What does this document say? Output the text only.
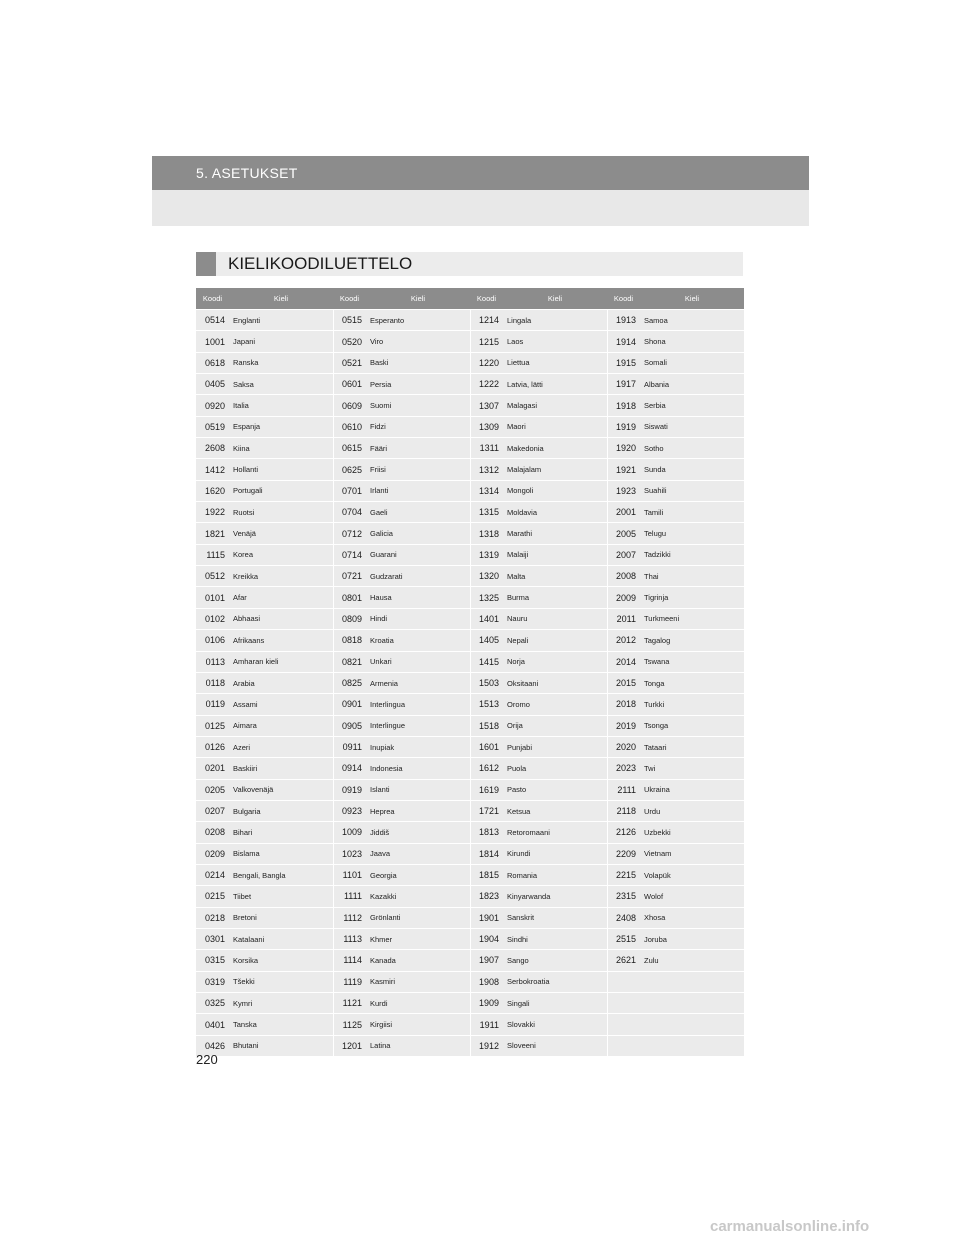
5. ASETUKSET
KIELIKOODILUETTELO
Koodi	Kieli	Koodi	Kieli	Koodi	Kieli	Koodi	Kieli
0514	Englanti	0515	Esperanto	1214	Lingala	1913	Samoa
1001	Japani	0520	Viro	1215	Laos	1914	Shona
0618	Ranska	0521	Baski	1220	Liettua	1915	Somali
0405	Saksa	0601	Persia	1222	Latvia, lätti	1917	Albania
0920	Italia	0609	Suomi	1307	Malagasi	1918	Serbia
0519	Espanja	0610	Fidzi	1309	Maori	1919	Siswati
2608	Kiina	0615	Fääri	1311	Makedonia	1920	Sotho
1412	Hollanti	0625	Friisi	1312	Malajalam	1921	Sunda
1620	Portugali	0701	Irlanti	1314	Mongoli	1923	Suahili
1922	Ruotsi	0704	Gaeli	1315	Moldavia	2001	Tamili
1821	Venäjä	0712	Galicia	1318	Marathi	2005	Telugu
1115	Korea	0714	Guarani	1319	Malaiji	2007	Tadzikki
0512	Kreikka	0721	Gudzarati	1320	Malta	2008	Thai
0101	Afar	0801	Hausa	1325	Burma	2009	Tigrinja
0102	Abhaasi	0809	Hindi	1401	Nauru	2011	Turkmeeni
0106	Afrikaans	0818	Kroatia	1405	Nepali	2012	Tagalog
0113	Amharan kieli	0821	Unkari	1415	Norja	2014	Tswana
0118	Arabia	0825	Armenia	1503	Oksitaani	2015	Tonga
0119	Assami	0901	Interlingua	1513	Oromo	2018	Turkki
0125	Aimara	0905	Interlingue	1518	Orija	2019	Tsonga
0126	Azeri	0911	Inupiak	1601	Punjabi	2020	Tataari
0201	Baskiiri	0914	Indonesia	1612	Puola	2023	Twi
0205	Valkovenäjä	0919	Islanti	1619	Pasto	2111	Ukraina
0207	Bulgaria	0923	Heprea	1721	Ketsua	2118	Urdu
0208	Bihari	1009	Jiddiš	1813	Retoromaani	2126	Uzbekki
0209	Bislama	1023	Jaava	1814	Kirundi	2209	Vietnam
0214	Bengali, Bangla	1101	Georgia	1815	Romania	2215	Volapük
0215	Tiibet	1111	Kazakki	1823	Kinyarwanda	2315	Wolof
0218	Bretoni	1112	Grönlanti	1901	Sanskrit	2408	Xhosa
0301	Katalaani	1113	Khmer	1904	Sindhi	2515	Joruba
0315	Korsika	1114	Kanada	1907	Sango	2621	Zulu
0319	Tšekki	1119	Kasmiri	1908	Serbokroatia		
0325	Kymri	1121	Kurdi	1909	Singali		
0401	Tanska	1125	Kirgiisi	1911	Slovakki		
0426	Bhutani	1201	Latina	1912	Sloveeni		
220
carmanualsonline.info
